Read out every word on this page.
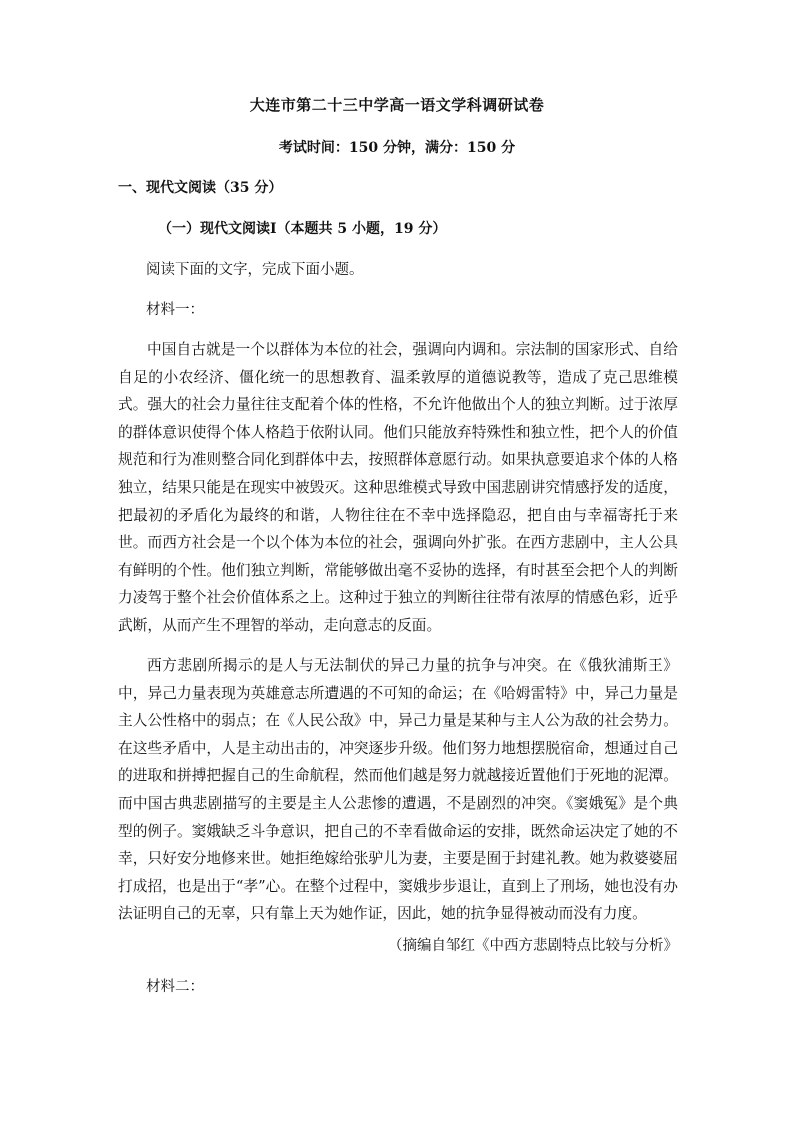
大连市第二十三中学高一语文学科调研试卷
考试时间：150 分钟，满分：150 分
一、现代文阅读（35 分）
（一）现代文阅读Ⅰ（本题共 5 小题，19 分）
阅读下面的文字，完成下面小题。
材料一：
中国自古就是一个以群体为本位的社会，强调向内调和。宗法制的国家形式、自给自足的小农经济、僵化统一的思想教育、温柔敦厚的道德说教等，造成了克己思维模式。强大的社会力量往往支配着个体的性格，不允许他做出个人的独立判断。过于浓厚的群体意识使得个体人格趋于依附认同。他们只能放弃特殊性和独立性，把个人的价值规范和行为准则整合同化到群体中去，按照群体意愿行动。如果执意要追求个体的人格独立，结果只能是在现实中被毁灭。这种思维模式导致中国悲剧讲究情感抒发的适度，把最初的矛盾化为最终的和谐，人物往往在不幸中选择隐忍，把自由与幸福寄托于来世。而西方社会是一个以个体为本位的社会，强调向外扩张。在西方悲剧中，主人公具有鲜明的个性。他们独立判断，常能够做出毫不妥协的选择，有时甚至会把个人的判断力凌驾于整个社会价值体系之上。这种过于独立的判断往往带有浓厚的情感色彩，近乎武断，从而产生不理智的举动，走向意志的反面。
西方悲剧所揭示的是人与无法制伏的异己力量的抗争与冲突。在《俄狄浦斯王》中，异己力量表现为英雄意志所遭遇的不可知的命运；在《哈姆雷特》中，异己力量是主人公性格中的弱点；在《人民公敌》中，异己力量是某种与主人公为敌的社会势力。在这些矛盾中，人是主动出击的，冲突逐步升级。他们努力地想摆脱宿命，想通过自己的进取和拼搏把握自己的生命航程，然而他们越是努力就越接近置他们于死地的泥潭。而中国古典悲剧描写的主要是主人公悲惨的遭遇，不是剧烈的冲突。《窦娥冤》是个典型的例子。窦娥缺乏斗争意识，把自己的不幸看做命运的安排，既然命运决定了她的不幸，只好安分地修来世。她拒绝嫁给张驴儿为妻，主要是囿于封建礼教。她为救婆婆屈打成招，也是出于“孝”心。在整个过程中，窦娥步步退让，直到上了刑场，她也没有办法证明自己的无辜，只有靠上天为她作证，因此，她的抗争显得被动而没有力度。
（摘编自邹红《中西方悲剧特点比较与分析》
材料二：
